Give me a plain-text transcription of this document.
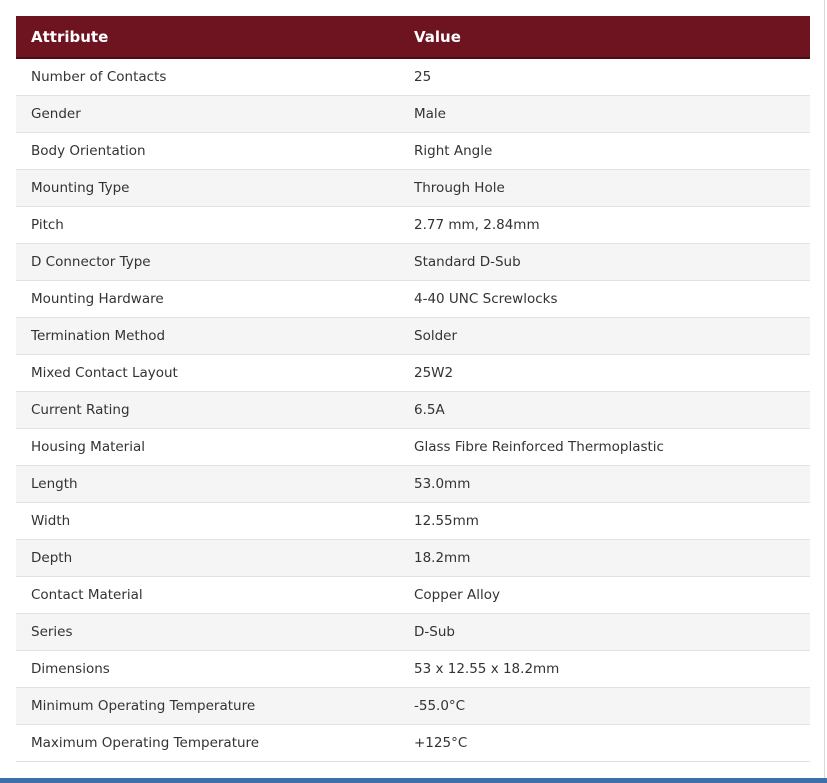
Attribute	Value
Number of Contacts	25
Gender	Male
Body Orientation	Right Angle
Mounting Type	Through Hole
Pitch	2.77 mm, 2.84mm
D Connector Type	Standard D-Sub
Mounting Hardware	4-40 UNC Screwlocks
Termination Method	Solder
Mixed Contact Layout	25W2
Current Rating	6.5A
Housing Material	Glass Fibre Reinforced Thermoplastic
Length	53.0mm
Width	12.55mm
Depth	18.2mm
Contact Material	Copper Alloy
Series	D-Sub
Dimensions	53 x 12.55 x 18.2mm
Minimum Operating Temperature	-55.0°C
Maximum Operating Temperature	+125°C
